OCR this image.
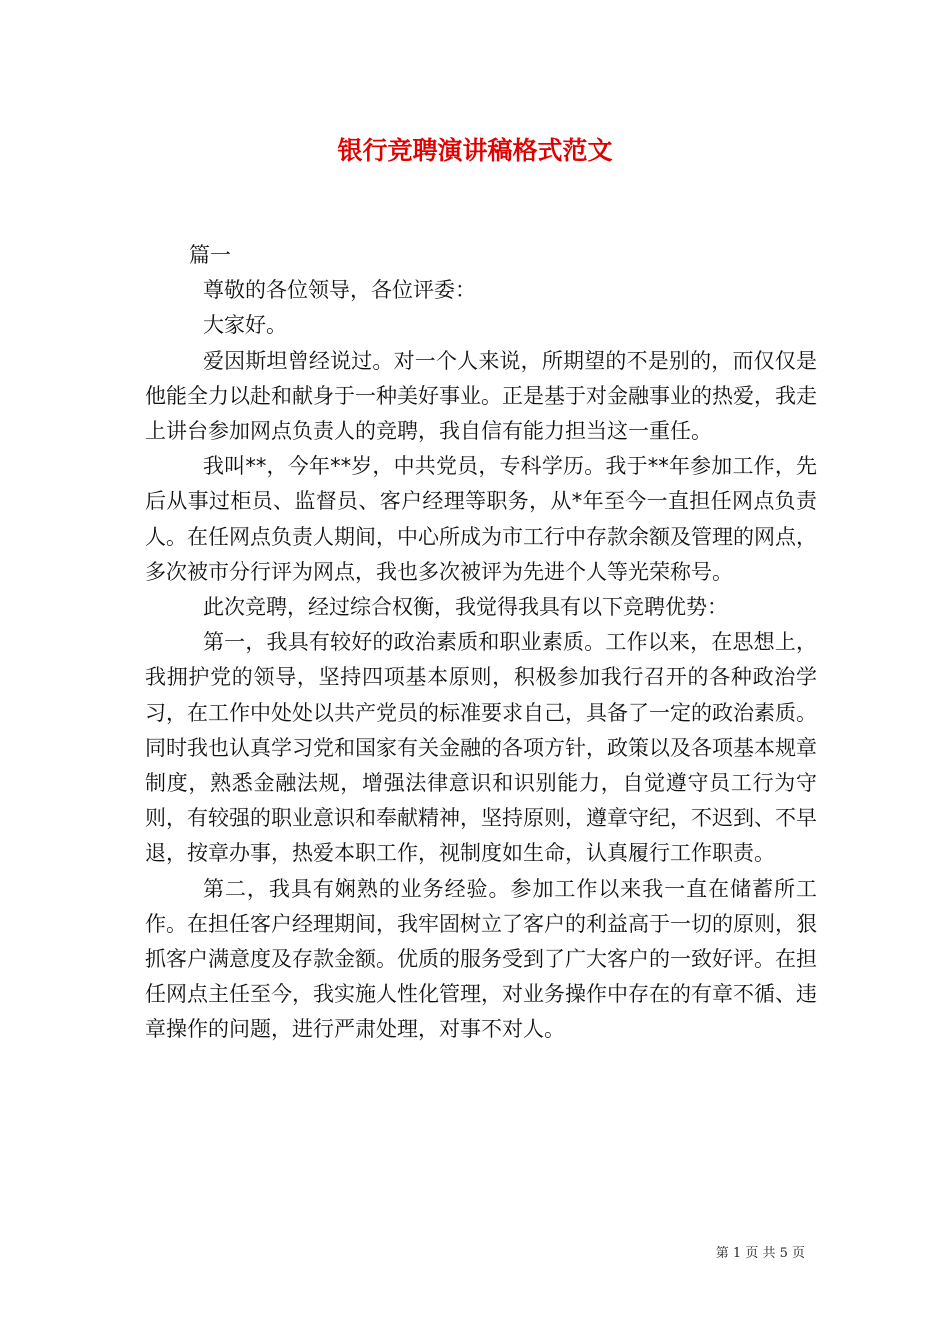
银行竞聘演讲稿格式范文

篇一

尊敬的各位领导，各位评委：

大家好。

爱因斯坦曾经说过。对一个人来说，所期望的不是别的，而仅仅是他能全力以赴和献身于一种美好事业。正是基于对金融事业的热爱，我走上讲台参加网点负责人的竞聘，我自信有能力担当这一重任。

我叫**，今年**岁，中共党员，专科学历。我于**年参加工作，先后从事过柜员、监督员、客户经理等职务，从*年至今一直担任网点负责人。在任网点负责人期间，中心所成为市工行中存款余额及管理的网点，多次被市分行评为网点，我也多次被评为先进个人等光荣称号。

此次竞聘，经过综合权衡，我觉得我具有以下竞聘优势：

第一，我具有较好的政治素质和职业素质。工作以来，在思想上，我拥护党的领导，坚持四项基本原则，积极参加我行召开的各种政治学习，在工作中处处以共产党员的标准要求自己，具备了一定的政治素质。同时我也认真学习党和国家有关金融的各项方针，政策以及各项基本规章制度，熟悉金融法规，增强法律意识和识别能力，自觉遵守员工行为守则，有较强的职业意识和奉献精神，坚持原则，遵章守纪，不迟到、不早退，按章办事，热爱本职工作，视制度如生命，认真履行工作职责。

第二，我具有娴熟的业务经验。参加工作以来我一直在储蓄所工作。在担任客户经理期间，我牢固树立了客户的利益高于一切的原则，狠抓客户满意度及存款金额。优质的服务受到了广大客户的一致好评。在担任网点主任至今，我实施人性化管理，对业务操作中存在的有章不循、违章操作的问题，进行严肃处理，对事不对人。

第 1 页 共 5 页
